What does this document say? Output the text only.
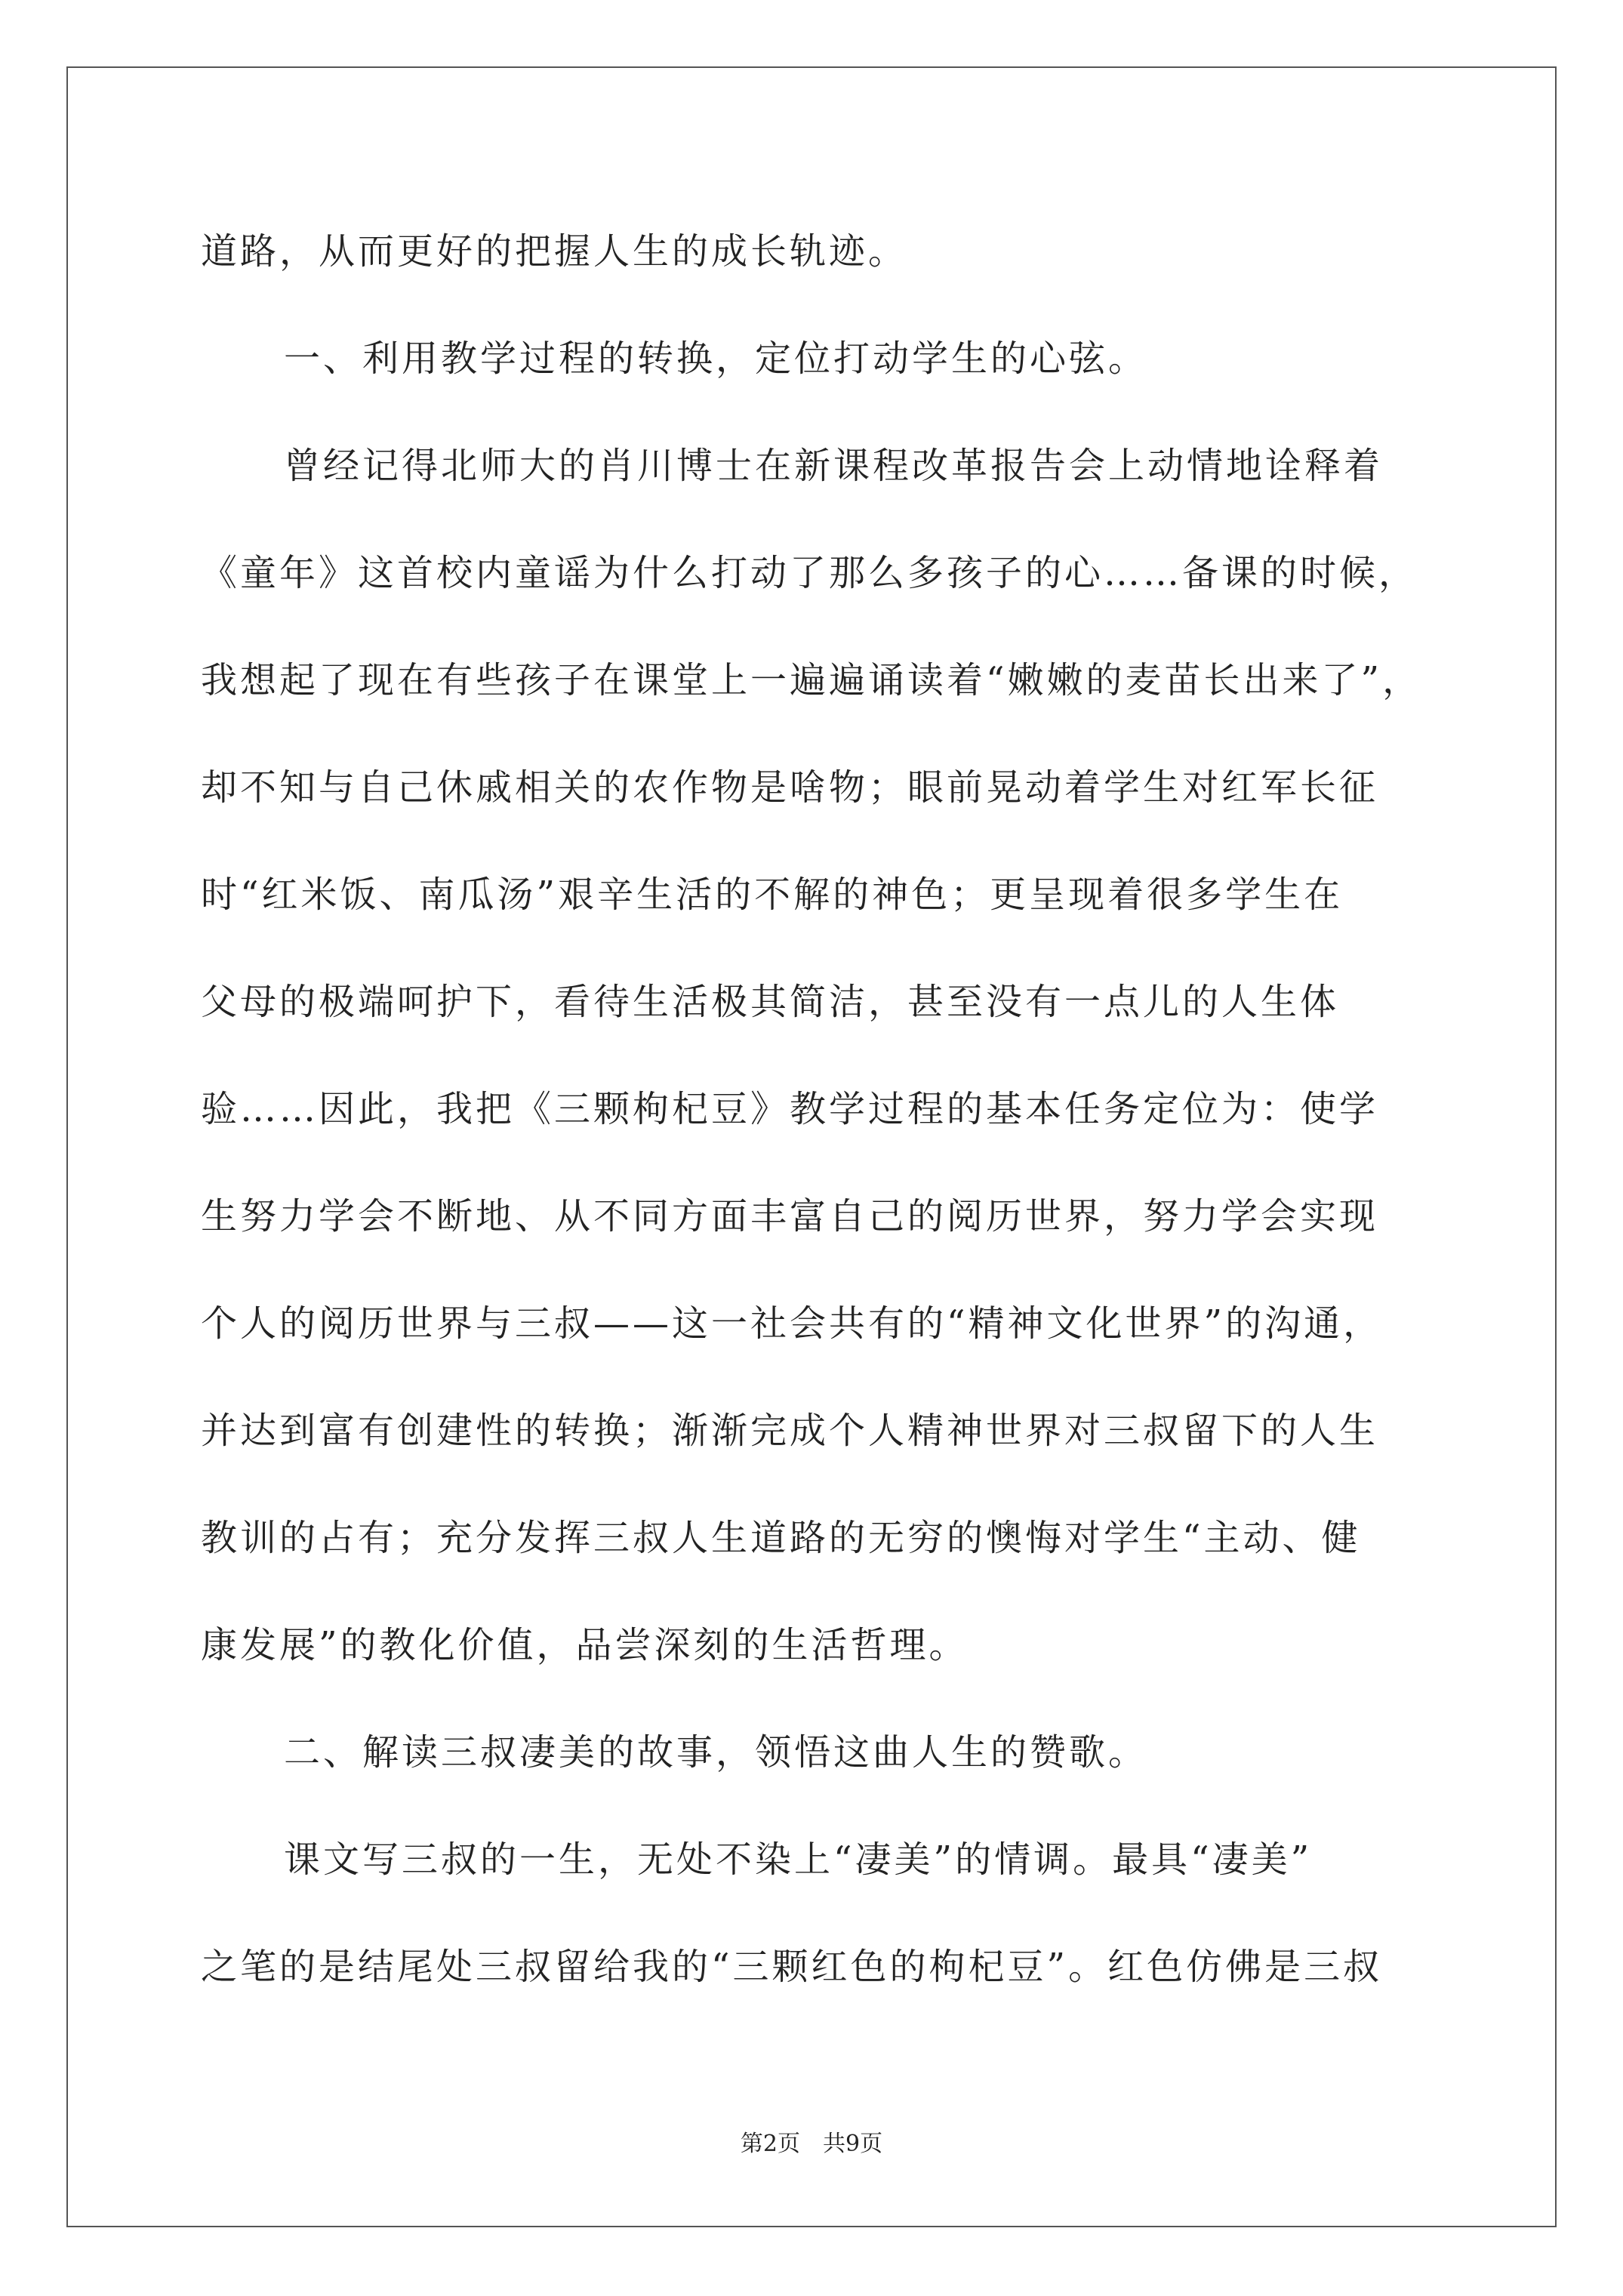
道路，从而更好的把握人生的成长轨迹。
一、利用教学过程的转换，定位打动学生的心弦。
曾经记得北师大的肖川博士在新课程改革报告会上动情地诠释着
《童年》这首校内童谣为什么打动了那么多孩子的心……备课的时候，
我想起了现在有些孩子在课堂上一遍遍诵读着“嫩嫩的麦苗长出来了”，
却不知与自己休戚相关的农作物是啥物；眼前晃动着学生对红军长征
时“红米饭、南瓜汤”艰辛生活的不解的神色；更呈现着很多学生在
父母的极端呵护下，看待生活极其简洁，甚至没有一点儿的人生体
验……因此，我把《三颗枸杞豆》教学过程的基本任务定位为：使学
生努力学会不断地、从不同方面丰富自己的阅历世界，努力学会实现
个人的阅历世界与三叔——这一社会共有的“精神文化世界”的沟通，
并达到富有创建性的转换；渐渐完成个人精神世界对三叔留下的人生
教训的占有；充分发挥三叔人生道路的无穷的懊悔对学生“主动、健
康发展”的教化价值，品尝深刻的生活哲理。
二、解读三叔凄美的故事，领悟这曲人生的赞歌。
课文写三叔的一生，无处不染上“凄美”的情调。最具“凄美”
之笔的是结尾处三叔留给我的“三颗红色的枸杞豆”。红色仿佛是三叔
第2页　共9页
